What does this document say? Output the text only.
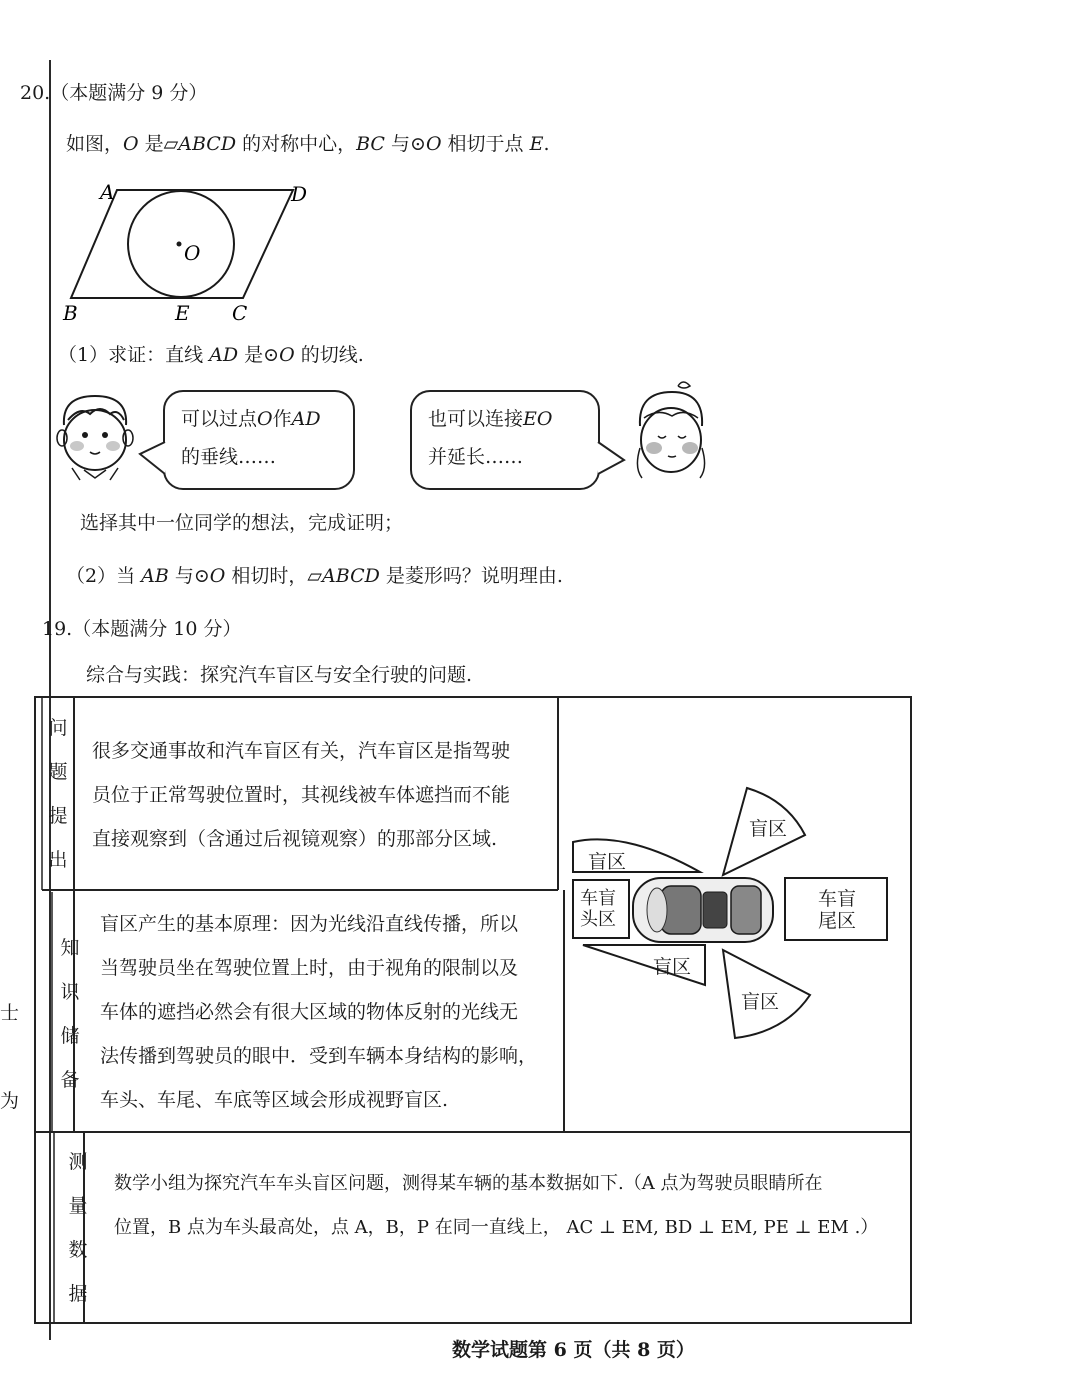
士
为
20.（本题满分 9 分）
如图，O 是▱ABCD 的对称中心，BC 与⊙O 相切于点 E.
A	D
B	E C
O
（1）求证：直线 AD 是⊙O 的切线.
可以过点O作AD
的垂线……
也可以连接EO
并延长……
选择其中一位同学的想法，完成证明；
（2）当 AB 与⊙O 相切时，▱ABCD 是菱形吗？说明理由.
19.（本题满分 10 分）
综合与实践：探究汽车盲区与安全行驶的问题.
问
题
提
出
很多交通事故和汽车盲区有关，汽车盲区是指驾驶
员位于正常驾驶位置时，其视线被车体遮挡而不能
直接观察到（含通过后视镜观察）的那部分区域.
知
识
储
备
盲区产生的基本原理：因为光线沿直线传播，所以
当驾驶员坐在驾驶位置上时，由于视角的限制以及
车体的遮挡必然会有很大区域的物体反射的光线无
法传播到驾驶员的眼中．受到车辆本身结构的影响，
车头、车尾、车底等区域会形成视野盲区.
测
量
数
据
数学小组为探究汽车车头盲区问题，测得某车辆的基本数据如下.（A 点为驾驶员眼睛所在
位置，B 点为车头最高处，点 A，B，P 在同一直线上， AC ⊥ EM, BD ⊥ EM, PE ⊥ EM .）
盲区
盲区
盲区
盲区
车盲
头区
车盲
尾区
数学试题第 6 页（共 8 页）
